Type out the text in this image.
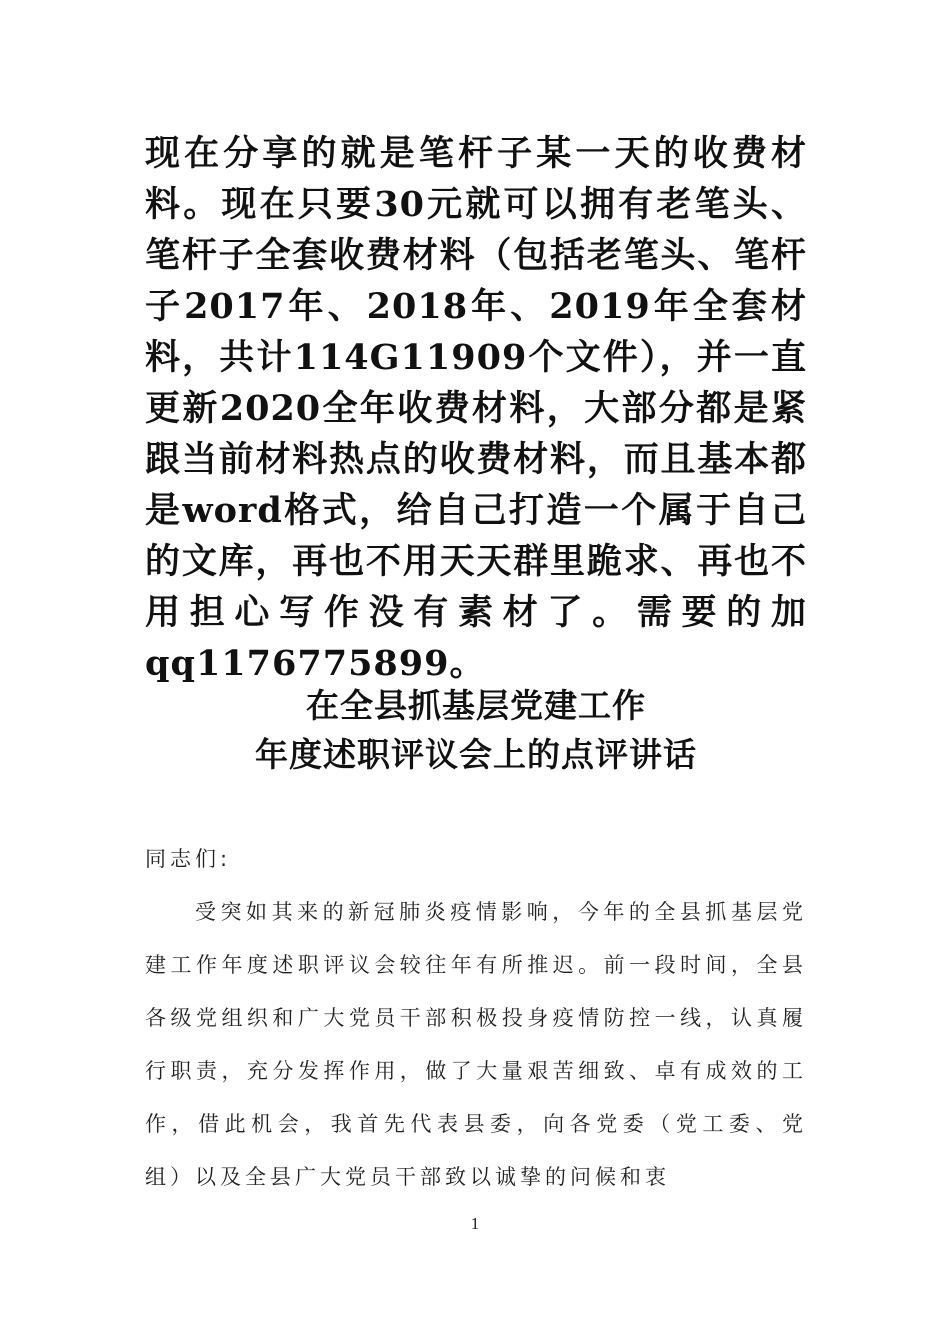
现在分享的就是笔杆子某一天的收费材料。现在只要30元就可以拥有老笔头、笔杆子全套收费材料（包括老笔头、笔杆子2017年、2018年、2019年全套材料，共计114G11909个文件），并一直更新2020全年收费材料，大部分都是紧跟当前材料热点的收费材料，而且基本都是word格式，给自己打造一个属于自己的文库，再也不用天天群里跪求、再也不用担心写作没有素材了。需要的加qq1176775899。
在全县抓基层党建工作
年度述职评议会上的点评讲话
同志们:
受突如其来的新冠肺炎疫情影响，今年的全县抓基层党建工作年度述职评议会较往年有所推迟。前一段时间，全县各级党组织和广大党员干部积极投身疫情防控一线，认真履行职责，充分发挥作用，做了大量艰苦细致、卓有成效的工作，借此机会，我首先代表县委，向各党委（党工委、党组）以及全县广大党员干部致以诚挚的问候和衷
1
